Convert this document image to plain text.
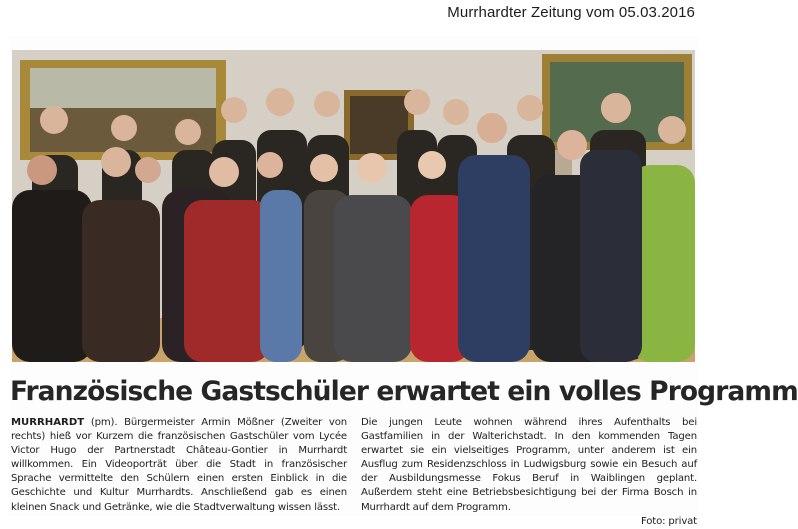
Murrhardter Zeitung vom 05.03.2016
Französische Gastschüler erwartet ein volles Programm

MURRHARDT (pm). Bürgermeister Armin Mößner (Zweiter von rechts) hieß vor Kurzem die französischen Gastschüler vom Lycée Victor Hugo der Partnerstadt Château-Gontier in Murrhardt willkommen. Ein Videoporträt über die Stadt in französischer Sprache vermittelte den Schülern einen ersten Einblick in die Geschichte und Kultur Murrhardts. Anschließend gab es einen kleinen Snack und Getränke, wie die Stadtverwaltung wissen lässt.

Die jungen Leute wohnen während ihres Aufenthalts bei Gastfamilien in der Walterichstadt. In den kommenden Tagen erwartet sie ein vielseitiges Programm, unter anderem ist ein Ausflug zum Residenzschloss in Ludwigsburg sowie ein Besuch auf der Ausbildungsmesse Fokus Beruf in Waiblingen geplant. Außerdem steht eine Betriebsbesichtigung bei der Firma Bosch in Murrhardt auf dem Programm.
Foto: privat
